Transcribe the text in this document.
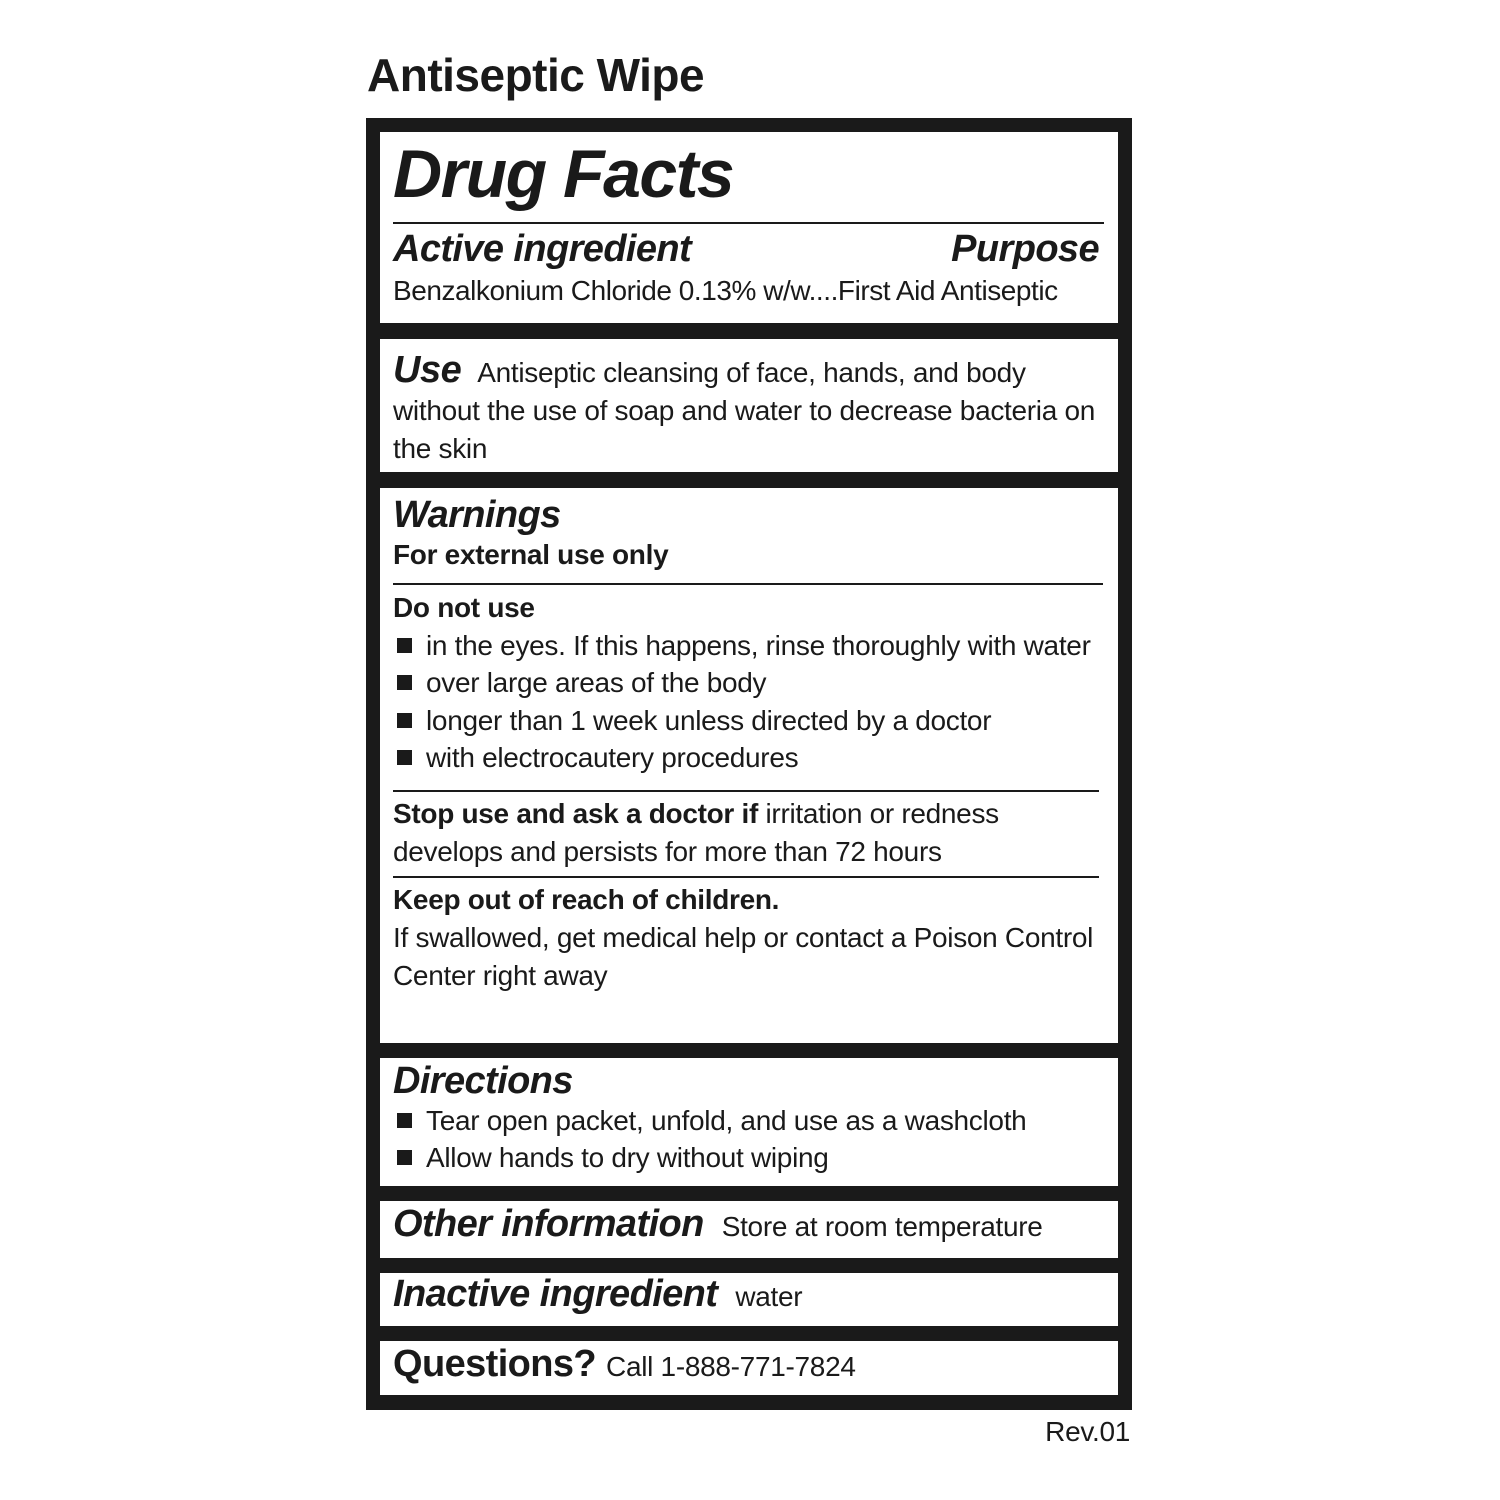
Antiseptic Wipe
Drug Facts
Active ingredient	Purpose
Benzalkonium Chloride 0.13% w/w....First Aid Antiseptic

Use Antiseptic cleansing of face, hands, and body without the use of soap and water to decrease bacteria on the skin

Warnings
For external use only
Do not use
in the eyes. If this happens, rinse thoroughly with water
over large areas of the body
longer than 1 week unless directed by a doctor
with electrocautery procedures

Stop use and ask a doctor if irritation or redness develops and persists for more than 72 hours

Keep out of reach of children.

If swallowed, get medical help or contact a Poison Control Center right away

Directions
Tear open packet, unfold, and use as a washcloth
Allow hands to dry without wiping
Other information Store at room temperature
Inactive ingredient water
Questions? Call 1-888-771-7824
Rev.01
